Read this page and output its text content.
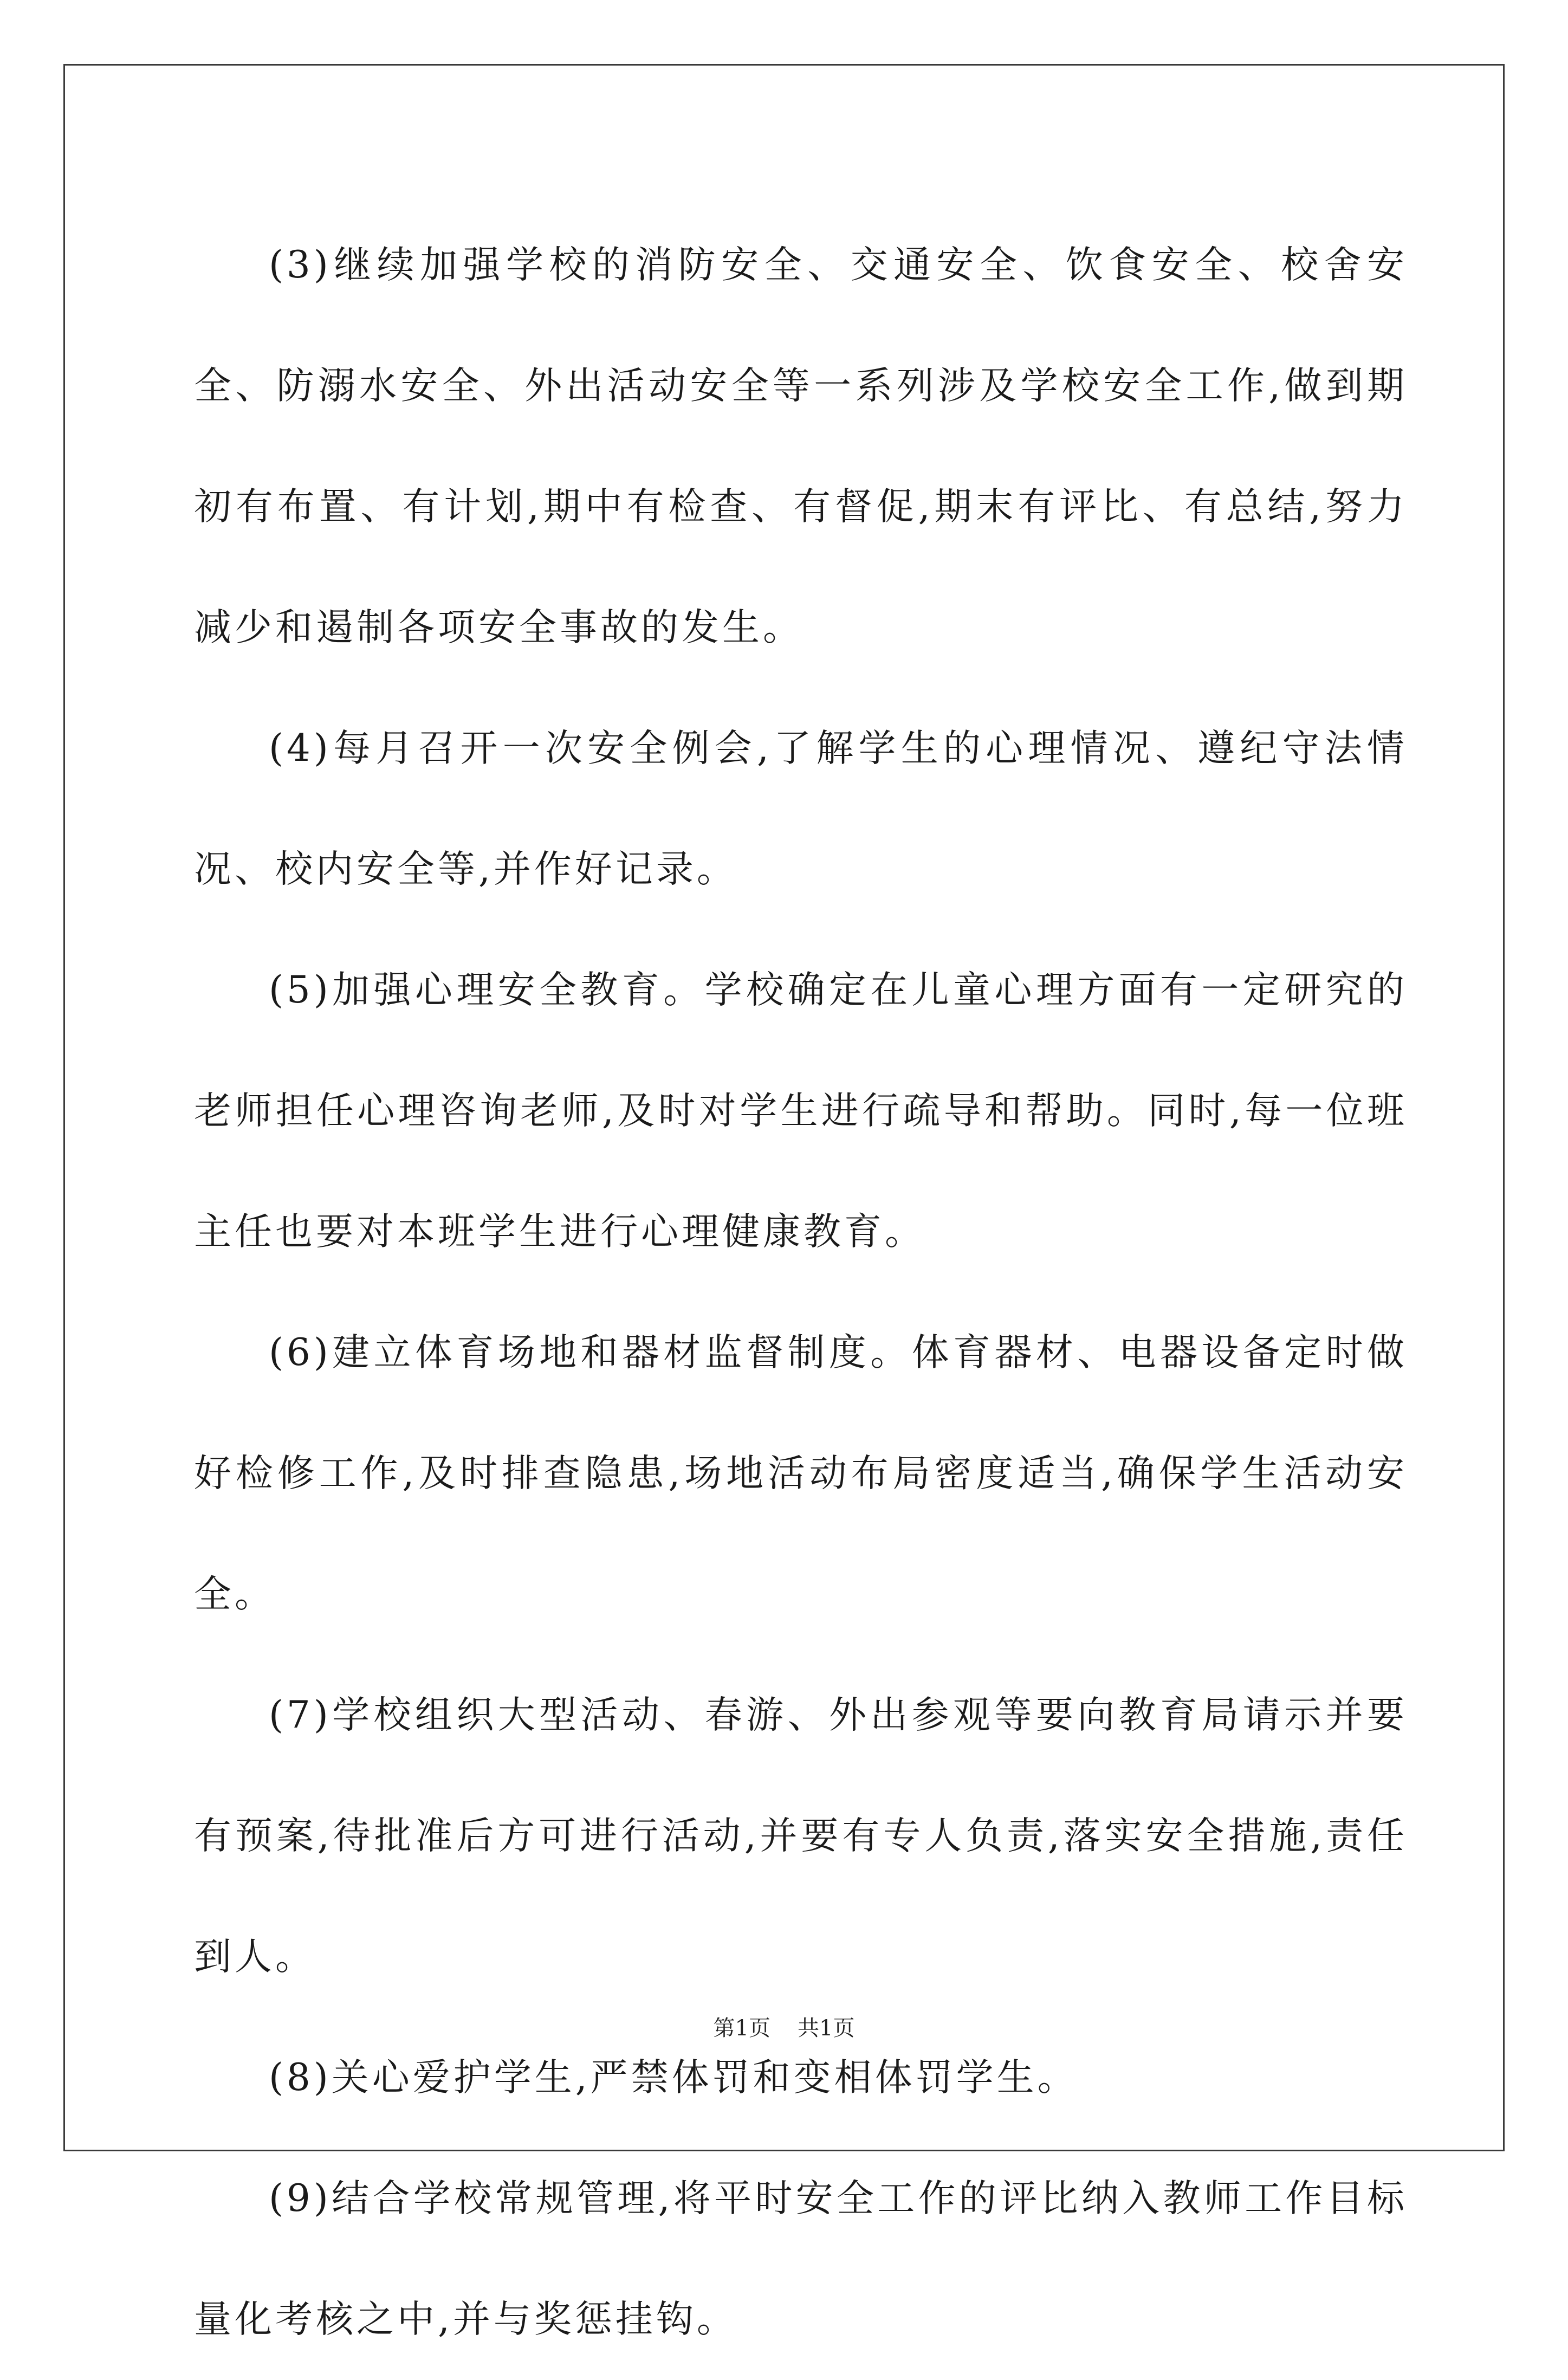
(3)继续加强学校的消防安全、交通安全、饮食安全、校舍安全、防溺水安全、外出活动安全等一系列涉及学校安全工作,做到期初有布置、有计划,期中有检查、有督促,期末有评比、有总结,努力减少和遏制各项安全事故的发生。

(4)每月召开一次安全例会,了解学生的心理情况、遵纪守法情况、校内安全等,并作好记录。

(5)加强心理安全教育。学校确定在儿童心理方面有一定研究的老师担任心理咨询老师,及时对学生进行疏导和帮助。同时,每一位班主任也要对本班学生进行心理健康教育。

(6)建立体育场地和器材监督制度。体育器材、电器设备定时做好检修工作,及时排查隐患,场地活动布局密度适当,确保学生活动安全。

(7)学校组织大型活动、春游、外出参观等要向教育局请示并要有预案,待批准后方可进行活动,并要有专人负责,落实安全措施,责任到人。

(8)关心爱护学生,严禁体罚和变相体罚学生。

(9)结合学校常规管理,将平时安全工作的评比纳入教师工作目标量化考核之中,并与奖惩挂钩。

第1页 共1页
